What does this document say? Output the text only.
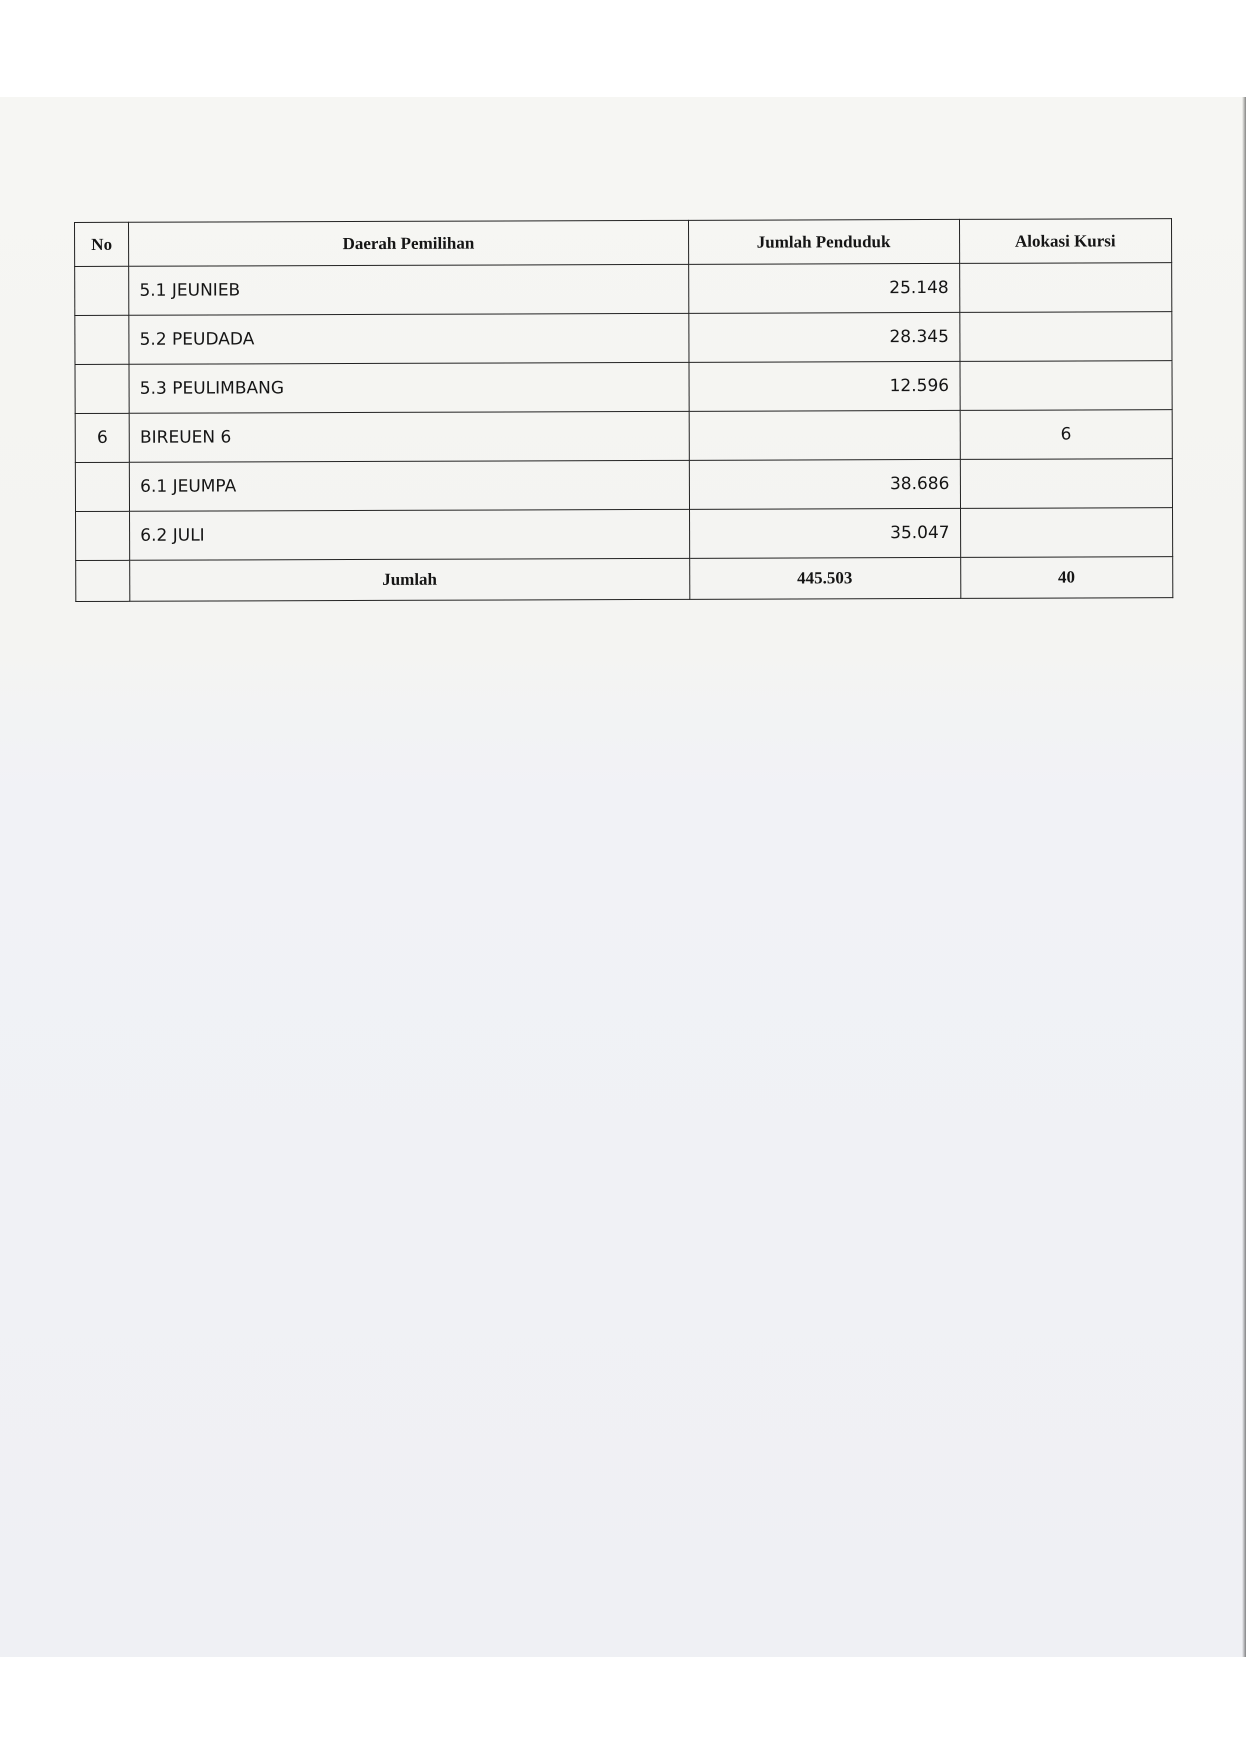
No	Daerah Pemilihan	Jumlah Penduduk	Alokasi Kursi
	5.1 JEUNIEB	25.148	
	5.2 PEUDADA	28.345	
	5.3 PEULIMBANG	12.596	
6	BIREUEN 6		6
	6.1 JEUMPA	38.686	
	6.2 JULI	35.047	
	Jumlah	445.503	40
